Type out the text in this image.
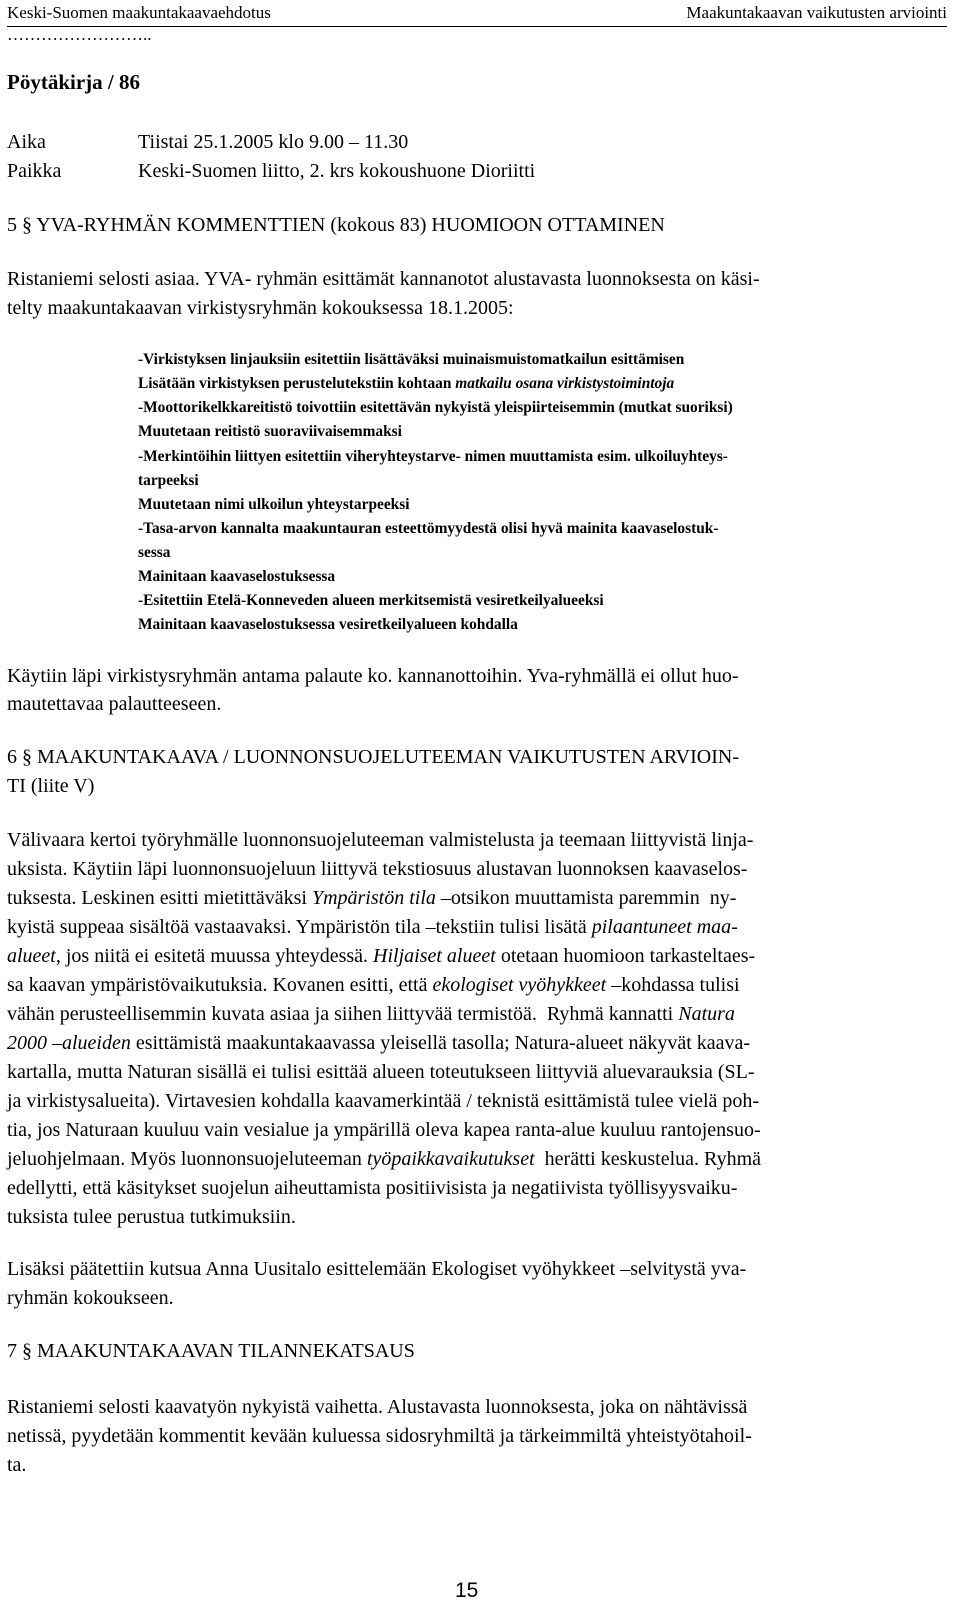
Keski-Suomen maakuntakaavaehdotus
……………………..
Maakuntakaavan vaikutusten arviointi
Pöytäkirja / 86
Aika	Tiistai 25.1.2005 klo 9.00 – 11.30
Paikka	Keski-Suomen liitto, 2. krs kokoushuone Dioriitti
5 § YVA-RYHMÄN KOMMENTTIEN (kokous 83) HUOMIOON OTTAMINEN
Ristaniemi selosti asiaa. YVA- ryhmän esittämät kannanotot alustavasta luonnoksesta on käsi-
telty maakuntakaavan virkistysryhmän kokouksessa 18.1.2005:
-Virkistyksen linjauksiin esitettiin lisättäväksi muinaismuistomatkailun esittämisen
Lisätään virkistyksen perustelutekstiin kohtaan matkailu osana virkistystoimintoja
-Moottorikelkkareitistö toivottiin esitettävän nykyistä yleispiirteisemmin (mutkat suoriksi)
Muutetaan reitistö suoraviivaisemmaksi
-Merkintöihin liittyen esitettiin viheryhteystarve- nimen muuttamista esim. ulkoiluyhteys-
tarpeeksi
Muutetaan nimi ulkoilun yhteystarpeeksi
-Tasa-arvon kannalta maakuntauran esteettömyydestä olisi hyvä mainita kaavaselostuk-
sessa
Mainitaan kaavaselostuksessa
-Esitettiin Etelä-Konneveden alueen merkitsemistä vesiretkeilyalueeksi
Mainitaan kaavaselostuksessa vesiretkeilyalueen kohdalla
Käytiin läpi virkistysryhmän antama palaute ko. kannanottoihin. Yva-ryhmällä ei ollut huo-
mautettavaa palautteeseen.
6 § MAAKUNTAKAAVA / LUONNONSUOJELUTEEMAN VAIKUTUSTEN ARVIOIN-
TI (liite V)
Välivaara kertoi työryhmälle luonnonsuojeluteeman valmistelusta ja teemaan liittyvistä linja-
uksista. Käytiin läpi luonnonsuojeluun liittyvä tekstiosuus alustavan luonnoksen kaavaselos-
tuksesta. Leskinen esitti mietittäväksi Ympäristön tila –otsikon muuttamista paremmin  ny-
kyistä suppeaa sisältöä vastaavaksi. Ympäristön tila –tekstiin tulisi lisätä pilaantuneet maa-
alueet, jos niitä ei esitetä muussa yhteydessä. Hiljaiset alueet otetaan huomioon tarkasteltaes-
sa kaavan ympäristövaikutuksia. Kovanen esitti, että ekologiset vyöhykkeet –kohdassa tulisi
vähän perusteellisemmin kuvata asiaa ja siihen liittyvää termistöä.  Ryhmä kannatti Natura
2000 –alueiden esittämistä maakuntakaavassa yleisellä tasolla; Natura-alueet näkyvät kaava-
kartalla, mutta Naturan sisällä ei tulisi esittää alueen toteutukseen liittyviä aluevarauksia (SL-
ja virkistysalueita). Virtavesien kohdalla kaavamerkintää / teknistä esittämistä tulee vielä poh-
tia, jos Naturaan kuuluu vain vesialue ja ympärillä oleva kapea ranta-alue kuuluu rantojensuo-
jeluohjelmaan. Myös luonnonsuojeluteeman työpaikkavaikutukset  herätti keskustelua. Ryhmä
edellytti, että käsitykset suojelun aiheuttamista positiivisista ja negatiivista työllisyysvaiku-
tuksista tulee perustua tutkimuksiin.
Lisäksi päätettiin kutsua Anna Uusitalo esittelemään Ekologiset vyöhykkeet –selvitystä yva-
ryhmän kokoukseen.
7 § MAAKUNTAKAAVAN TILANNEKATSAUS
Ristaniemi selosti kaavatyön nykyistä vaihetta. Alustavasta luonnoksesta, joka on nähtävissä
netissä, pyydetään kommentit kevään kuluessa sidosryhmiltä ja tärkeimmiltä yhteistyötahoil-
ta.
15
